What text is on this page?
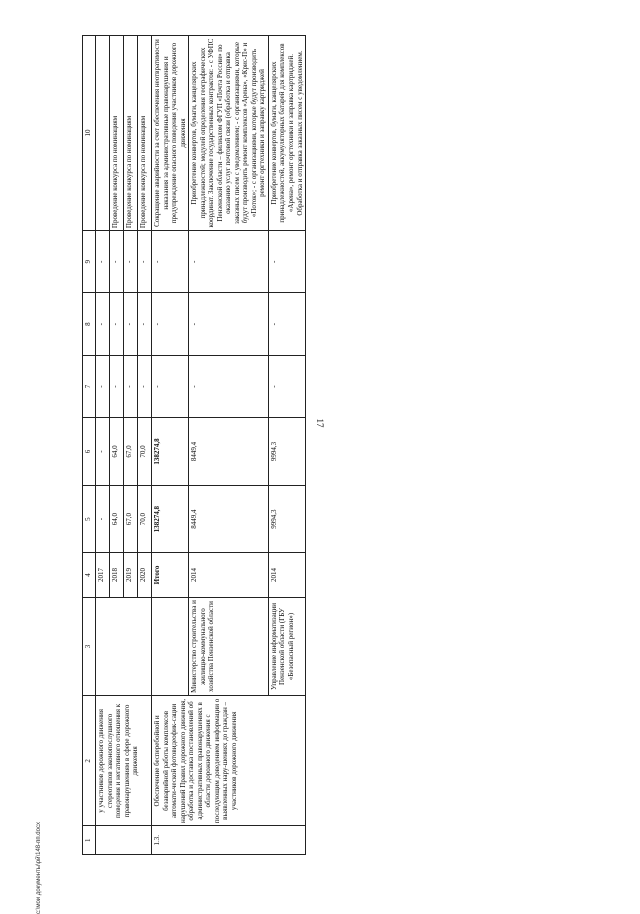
17
1	2	3	4	5	6	7	8	9	10
	у участников дорожного движения стереотипов законопослушного поведения и негативного отношения к правонарушениям в сфере дорожного движения		2017	-	-	-	-	-	
			2018	64,0	64,0	-	-	-	Проведение конкурса по номинациям
			2019	67,0	67,0	-	-	-	Проведение конкурса по номинациям
			2020	70,0	70,0	-	-	-	Проведение конкурса по номинациям
1.3.	Обеспечение бесперебойной и безаварийной работы комплексов автомати-ческой фотовидеофик-сации нарушений Правил дорожного движения, обработка и доставка постановлений об административных правонарушениях в области дорожного движения с последующим доведением информации о выявленных нару-шениях до граждан – участников дорожного движения		Итого	138274,8	138274,8	-	-	-	Сокращение аварийности за счет обеспечения неотвратимости наказания за административные правонарушения и предупреждение опасного поведения участников дорожного движения
		Министерство строительства и жилищно-коммунального хозяйства Пензенской области	2014	8449,4	8449,4	-	-	-	Приобретение конвертов, бумаги, канцелярских принадлежностей; модулей определения географических координат. Заключение государственных контрактов: - с УФПС Пензенской области – филиалом ФГУП «Почта России» по оказанию услуг почтовой связи (обработка и отправка заказных писем с уведомлением; - с организациями, которые будут производить ремонт комплексов «Арена», «Крис-П» и «Поток»; - с организациями, которые будут производить ремонт оргтехники и заправку картриджей
		Управление информатизации Пензенской области (ГБУ «Безопасный регион»)	2014	9994,3	9994,3	-	-	-	Приобретение конвертов, бумаги, канцелярских принадлежностей, аккумуляторных батарей для комплексов «Арена», ремонт оргтехники и заправка картриджей. Обработка и отправка заказных писем с уведомлением.
c:\мои документы\рй\148-пп.docx
